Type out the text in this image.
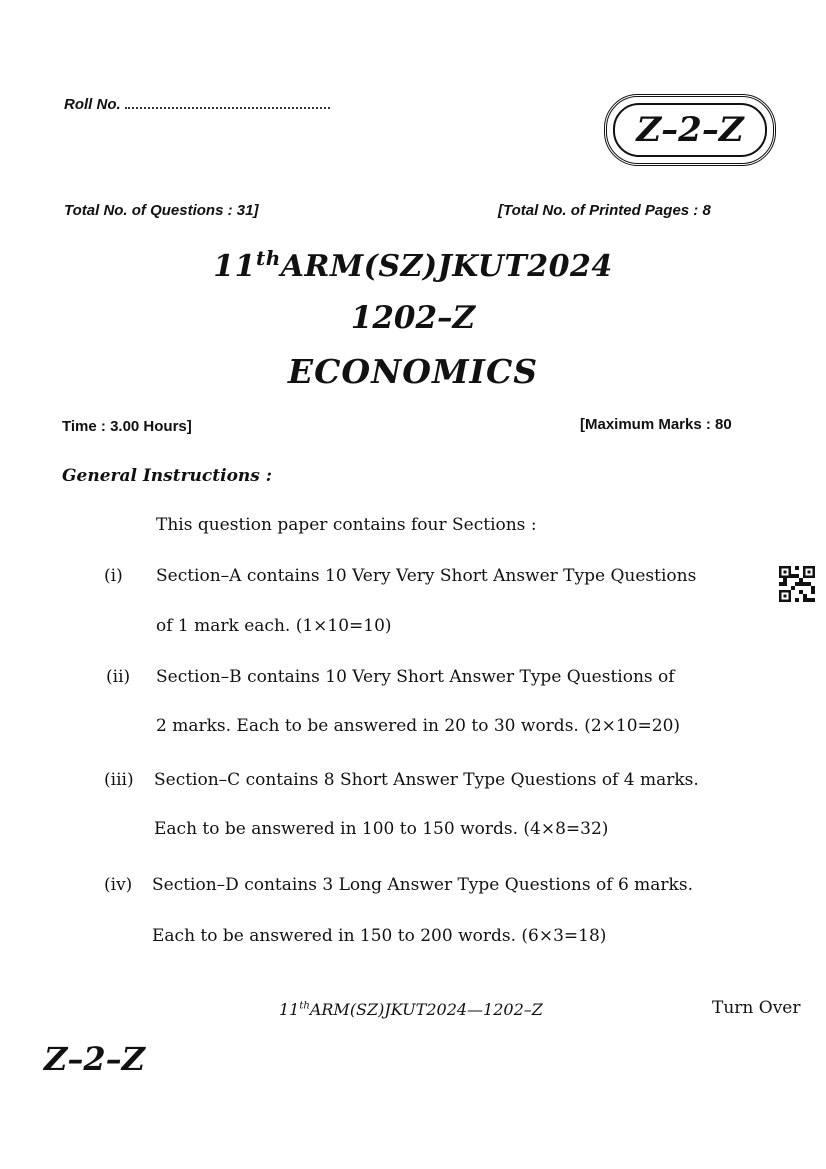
Roll No.
Z–2–Z
Total No. of Questions : 31]	[Total No. of Printed Pages : 8
11thARM(SZ)JKUT2024
1202–Z
ECONOMICS
Time : 3.00 Hours]	[Maximum Marks : 80
General Instructions :
This question paper contains four Sections :
(i) Section–A contains 10 Very Very Short Answer Type Questions
of 1 mark each. (1×10=10)
(ii) Section–B contains 10 Very Short Answer Type Questions of
2 marks. Each to be answered in 20 to 30 words. (2×10=20)
(iii) Section–C contains 8 Short Answer Type Questions of 4 marks.
Each to be answered in 100 to 150 words. (4×8=32)
(iv) Section–D contains 3 Long Answer Type Questions of 6 marks.
Each to be answered in 150 to 200 words. (6×3=18)
11thARM(SZ)JKUT2024—1202–Z	Turn Over
Z–2–Z
